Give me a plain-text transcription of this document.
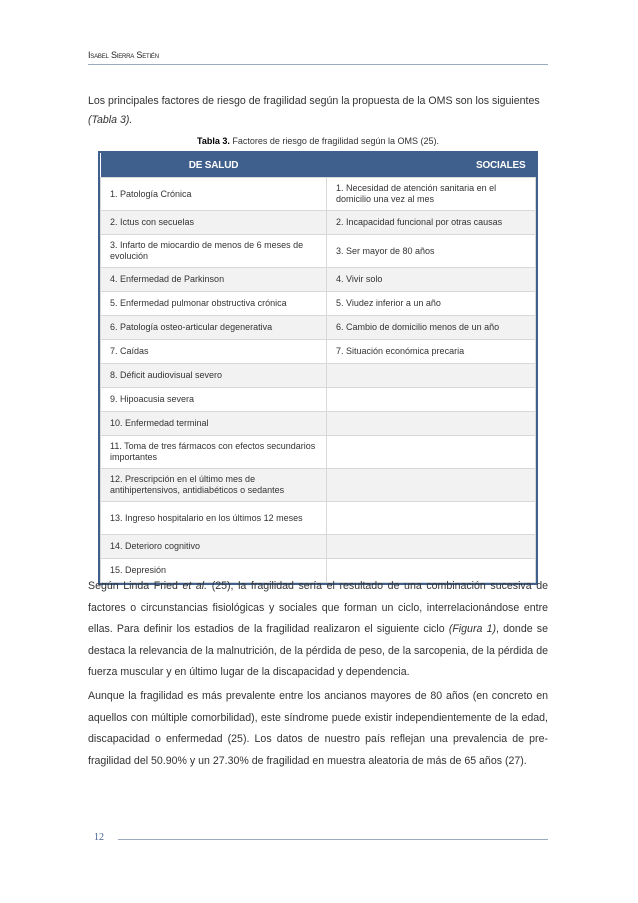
Isabel Sierra Setién
Los principales factores de riesgo de fragilidad según la propuesta de la OMS son los siguientes
(Tabla 3).
Tabla 3. Factores de riesgo de fragilidad según la OMS (25).
DE SALUD	SOCIALES
1. Patología Crónica	1. Necesidad de atención sanitaria en el domicilio una vez al mes
2. Ictus con secuelas	2. Incapacidad funcional por otras causas
3. Infarto de miocardio de menos de 6 meses de evolución	3. Ser mayor de 80 años
4. Enfermedad de Parkinson	4. Vivir solo
5. Enfermedad pulmonar obstructiva crónica	5. Viudez inferior a un año
6. Patología osteo-articular degenerativa	6. Cambio de domicilio menos de un año
7. Caídas	7. Situación económica precaria
8. Déficit audiovisual severo	
9. Hipoacusia severa	
10. Enfermedad terminal	
11. Toma de tres fármacos con efectos secundarios importantes	
12. Prescripción en el último mes de antihipertensivos, antidiabéticos o sedantes	
13. Ingreso hospitalario en los últimos 12 meses	
14. Deterioro cognitivo	
15. Depresión	
Según Linda Fried et al. (25), la fragilidad sería el resultado de una combinación sucesiva de factores o circunstancias fisiológicas y sociales que forman un ciclo, interrelacionándose entre ellas. Para definir los estadios de la fragilidad realizaron el siguiente ciclo (Figura 1), donde se destaca la relevancia de la malnutrición, de la pérdida de peso, de la sarcopenia, de la pérdida de fuerza muscular y en último lugar de la discapacidad y dependencia.
Aunque la fragilidad es más prevalente entre los ancianos mayores de 80 años (en concreto en aquellos con múltiple comorbilidad), este síndrome puede existir independientemente de la edad, discapacidad o enfermedad (25). Los datos de nuestro país reflejan una prevalencia de pre-fragilidad del 50.90% y un 27.30% de fragilidad en muestra aleatoria de más de 65 años (27).
12
